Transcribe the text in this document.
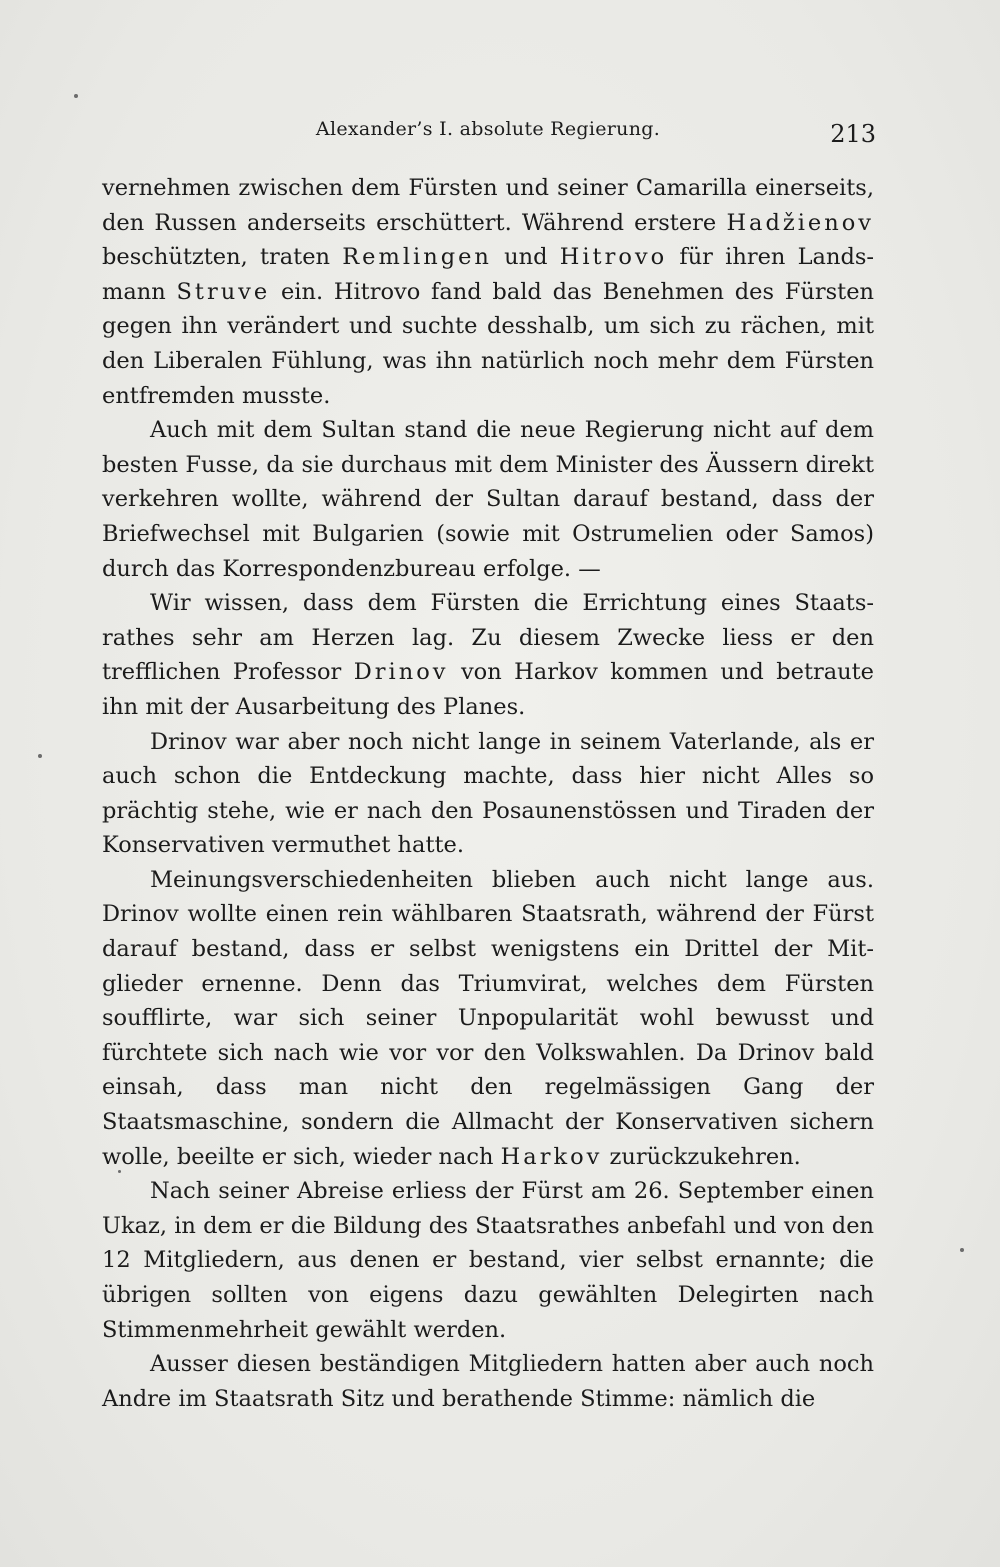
Alexander’s I. absolute Regierung.	213

vernehmen zwischen dem Fürsten und seiner Camarilla einerseits, den Russen anderseits erschüttert. Während erstere Hadžienov beschützten, traten Remlingen und Hitrovo für ihren Lands- mann Struve ein. Hitrovo fand bald das Benehmen des Fürsten gegen ihn verändert und suchte desshalb, um sich zu rächen, mit den Liberalen Fühlung, was ihn natürlich noch mehr dem Fürsten entfremden musste.

Auch mit dem Sultan stand die neue Regierung nicht auf dem besten Fusse, da sie durchaus mit dem Minister des Äussern direkt verkehren wollte, während der Sultan darauf bestand, dass der Briefwechsel mit Bulgarien (sowie mit Ostrumelien oder Samos) durch das Korrespondenzbureau erfolge. —

Wir wissen, dass dem Fürsten die Errichtung eines Staats- rathes sehr am Herzen lag. Zu diesem Zwecke liess er den trefflichen Professor Drinov von Harkov kommen und betraute ihn mit der Ausarbeitung des Planes.

Drinov war aber noch nicht lange in seinem Vaterlande, als er auch schon die Entdeckung machte, dass hier nicht Alles so prächtig stehe, wie er nach den Posaunenstössen und Tiraden der Konservativen vermuthet hatte.

Meinungsverschiedenheiten blieben auch nicht lange aus. Drinov wollte einen rein wählbaren Staatsrath, während der Fürst darauf bestand, dass er selbst wenigstens ein Drittel der Mit- glieder ernenne. Denn das Triumvirat, welches dem Fürsten soufflirte, war sich seiner Unpopularität wohl bewusst und fürchtete sich nach wie vor vor den Volkswahlen. Da Drinov bald einsah, dass man nicht den regelmässigen Gang der Staatsmaschine, sondern die Allmacht der Konservativen sichern wolle, beeilte er sich, wieder nach Harkov zurückzukehren.

Nach seiner Abreise erliess der Fürst am 26. September einen Ukaz, in dem er die Bildung des Staatsrathes anbefahl und von den 12 Mitgliedern, aus denen er bestand, vier selbst ernannte; die übrigen sollten von eigens dazu gewählten Delegirten nach Stimmenmehrheit gewählt werden.

Ausser diesen beständigen Mitgliedern hatten aber auch noch Andre im Staatsrath Sitz und berathende Stimme: nämlich die
